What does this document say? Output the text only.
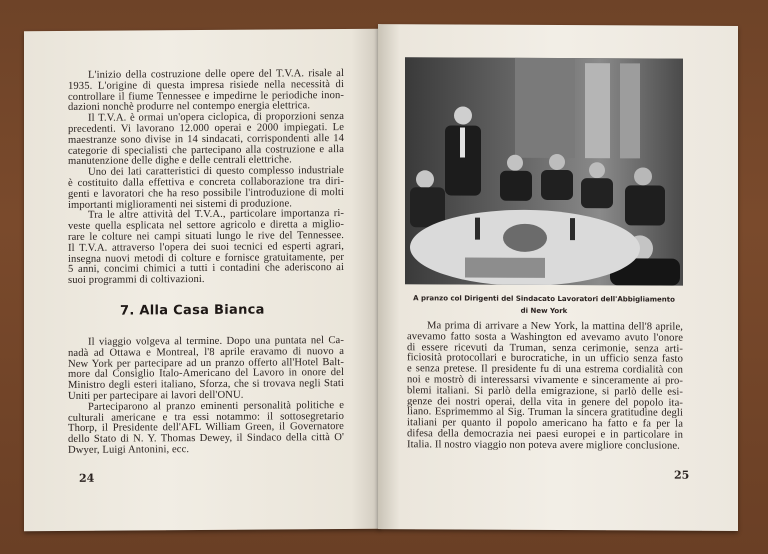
L'inizio della costruzione delle opere del T.V.A. risale al
1935. L'origine di questa impresa risiede nella necessità di
controllare il fiume Tennessee e impedirne le periodiche inon-
dazioni nonchè produrre nel contempo energia elettrica.
Il T.V.A. è ormai un'opera ciclopica, di proporzioni senza
precedenti. Vi lavorano 12.000 operai e 2000 impiegati. Le
maestranze sono divise in 14 sindacati, corrispondenti alle 14
categorie di specialisti che partecipano alla costruzione e alla
manutenzione delle dighe e delle centrali elettriche.
Uno dei lati caratteristici di questo complesso industriale
è costituito dalla effettiva e concreta collaborazione tra diri-
genti e lavoratori che ha reso possibile l'introduzione di molti
importanti miglioramenti nei sistemi di produzione.
Tra le altre attività del T.V.A., particolare importanza ri-
veste quella esplicata nel settore agricolo e diretta a miglio-
rare le colture nei campi situati lungo le rive del Tennessee.
Il T.V.A. attraverso l'opera dei suoi tecnici ed esperti agrari,
insegna nuovi metodi di colture e fornisce gratuitamente, per
5 anni, concimi chimici a tutti i contadini che aderiscono ai
suoi programmi di coltivazioni.
7. Alla Casa Bianca
Il viaggio volgeva al termine. Dopo una puntata nel Ca-
nadà ad Ottawa e Montreal, l'8 aprile eravamo di nuovo a
New York per partecipare ad un pranzo offerto all'Hotel Balt-
more dal Consiglio Italo-Americano del Lavoro in onore del
Ministro degli esteri italiano, Sforza, che si trovava negli Stati
Uniti per partecipare ai lavori dell'ONU.
Parteciparono al pranzo eminenti personalità politiche e
culturali americane e tra essi notammo: il sottosegretario
Thorp, il Presidente dell'AFL William Green, il Governatore
dello Stato di N. Y. Thomas Dewey, il Sindaco della città O'
Dwyer, Luigi Antonini, ecc.
24
A pranzo col Dirigenti del Sindacato Lavoratori dell'Abbigliamento
di New York
Ma prima di arrivare a New York, la mattina dell'8 aprile,
avevamo fatto sosta a Washington ed avevamo avuto l'onore
di essere ricevuti da Truman, senza cerimonie, senza arti-
ficiosità protocollari e burocratiche, in un ufficio senza fasto
e senza pretese. Il presidente fu di una estrema cordialità con
noi e mostrò di interessarsi vivamente e sinceramente ai pro-
blemi italiani. Si parlò della emigrazione, si parlò delle esi-
genze dei nostri operai, della vita in genere del popolo ita-
liano. Esprimemmo al Sig. Truman la sincera gratitudine degli
italiani per quanto il popolo americano ha fatto e fa per la
difesa della democrazia nei paesi europei e in particolare in
Italia. Il nostro viaggio non poteva avere migliore conclusione.
25
